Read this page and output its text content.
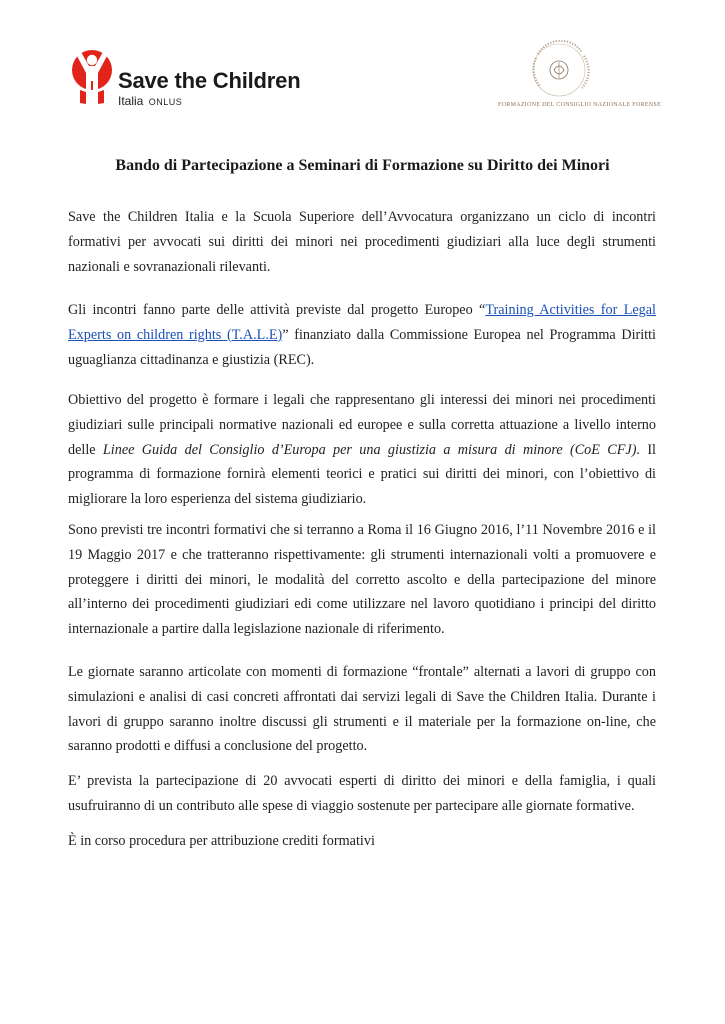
Save the Children
Italia ONLUS	FORMAZIONE DEL CONSIGLIO NAZIONALE FORENSE
Bando di Partecipazione a Seminari di Formazione su Diritto dei Minori

Save the Children Italia e la Scuola Superiore dell’Avvocatura organizzano un ciclo di incontri formativi per avvocati sui diritti dei minori nei procedimenti giudiziari alla luce degli strumenti nazionali e sovranazionali rilevanti.

Gli incontri fanno parte delle attività previste dal progetto Europeo “Training Activities for Legal Experts on children rights (T.A.L.E)” finanziato dalla Commissione Europea nel Programma Diritti uguaglianza cittadinanza e giustizia (REC).

Obiettivo del progetto è formare i legali che rappresentano gli interessi dei minori nei procedimenti giudiziari sulle principali normative nazionali ed europee e sulla corretta attuazione a livello interno delle Linee Guida del Consiglio d’Europa per una giustizia a misura di minore (CoE CFJ). Il programma di formazione fornirà elementi teorici e pratici sui diritti dei minori, con l’obiettivo di migliorare la loro esperienza del sistema giudiziario.

Sono previsti tre incontri formativi che si terranno a Roma il 16 Giugno 2016, l’11 Novembre 2016 e il 19 Maggio 2017 e che tratteranno rispettivamente: gli strumenti internazionali volti a promuovere e proteggere i diritti dei minori, le modalità del corretto ascolto e della partecipazione del minore all’interno dei procedimenti giudiziari edi come utilizzare nel lavoro quotidiano i principi del diritto internazionale a partire dalla legislazione nazionale di riferimento.

Le giornate saranno articolate con momenti di formazione “frontale” alternati a lavori di gruppo con simulazioni e analisi di casi concreti affrontati dai servizi legali di Save the Children Italia. Durante i lavori di gruppo saranno inoltre discussi gli strumenti e il materiale per la formazione on-line, che saranno prodotti e diffusi a conclusione del progetto.

E’ prevista la partecipazione di 20 avvocati esperti di diritto dei minori e della famiglia, i quali usufruiranno di un contributo alle spese di viaggio sostenute per partecipare alle giornate formative.

È in corso procedura per attribuzione crediti formativi
